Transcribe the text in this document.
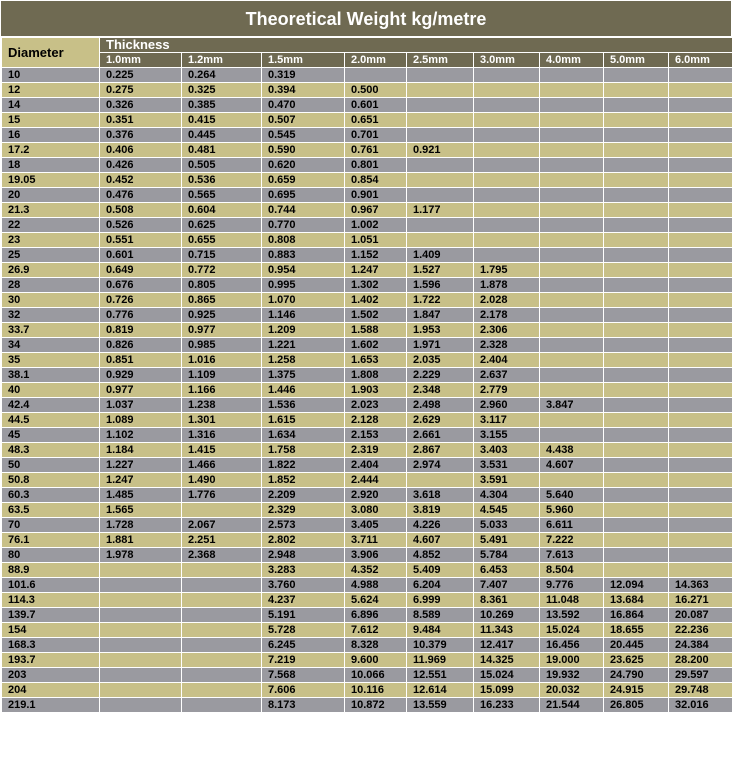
Theoretical Weight kg/metre
Diameter	Thickness								
	1.0mm	1.2mm	1.5mm	2.0mm	2.5mm	3.0mm	4.0mm	5.0mm	6.0mm
10	0.225	0.264	0.319						
12	0.275	0.325	0.394	0.500					
14	0.326	0.385	0.470	0.601					
15	0.351	0.415	0.507	0.651					
16	0.376	0.445	0.545	0.701					
17.2	0.406	0.481	0.590	0.761	0.921				
18	0.426	0.505	0.620	0.801					
19.05	0.452	0.536	0.659	0.854					
20	0.476	0.565	0.695	0.901					
21.3	0.508	0.604	0.744	0.967	1.177				
22	0.526	0.625	0.770	1.002					
23	0.551	0.655	0.808	1.051					
25	0.601	0.715	0.883	1.152	1.409				
26.9	0.649	0.772	0.954	1.247	1.527	1.795			
28	0.676	0.805	0.995	1.302	1.596	1.878			
30	0.726	0.865	1.070	1.402	1.722	2.028			
32	0.776	0.925	1.146	1.502	1.847	2.178			
33.7	0.819	0.977	1.209	1.588	1.953	2.306			
34	0.826	0.985	1.221	1.602	1.971	2.328			
35	0.851	1.016	1.258	1.653	2.035	2.404			
38.1	0.929	1.109	1.375	1.808	2.229	2.637			
40	0.977	1.166	1.446	1.903	2.348	2.779			
42.4	1.037	1.238	1.536	2.023	2.498	2.960	3.847		
44.5	1.089	1.301	1.615	2.128	2.629	3.117			
45	1.102	1.316	1.634	2.153	2.661	3.155			
48.3	1.184	1.415	1.758	2.319	2.867	3.403	4.438		
50	1.227	1.466	1.822	2.404	2.974	3.531	4.607		
50.8	1.247	1.490	1.852	2.444		3.591			
60.3	1.485	1.776	2.209	2.920	3.618	4.304	5.640		
63.5	1.565		2.329	3.080	3.819	4.545	5.960		
70	1.728	2.067	2.573	3.405	4.226	5.033	6.611		
76.1	1.881	2.251	2.802	3.711	4.607	5.491	7.222		
80	1.978	2.368	2.948	3.906	4.852	5.784	7.613		
88.9			3.283	4.352	5.409	6.453	8.504		
101.6			3.760	4.988	6.204	7.407	9.776	12.094	14.363
114.3			4.237	5.624	6.999	8.361	11.048	13.684	16.271
139.7			5.191	6.896	8.589	10.269	13.592	16.864	20.087
154			5.728	7.612	9.484	11.343	15.024	18.655	22.236
168.3			6.245	8.328	10.379	12.417	16.456	20.445	24.384
193.7			7.219	9.600	11.969	14.325	19.000	23.625	28.200
203			7.568	10.066	12.551	15.024	19.932	24.790	29.597
204			7.606	10.116	12.614	15.099	20.032	24.915	29.748
219.1			8.173	10.872	13.559	16.233	21.544	26.805	32.016
